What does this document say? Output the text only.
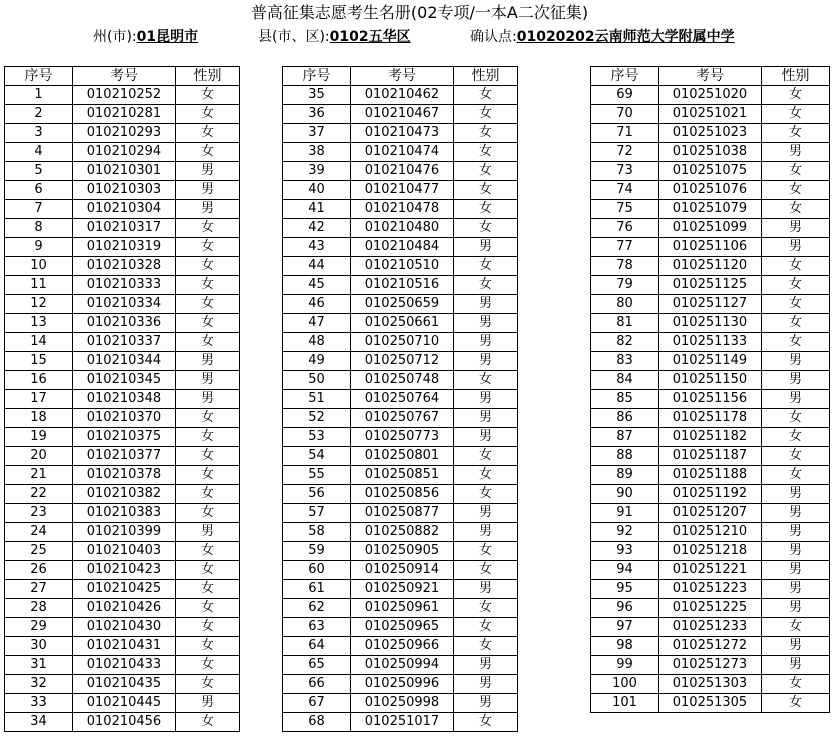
普高征集志愿考生名册(02专项/一本A二次征集)
州(市):01昆明市	县(市、区):0102五华区	确认点:01020202云南师范大学附属中学
序号	考号	性别
1	010210252	女
2	010210281	女
3	010210293	女
4	010210294	女
5	010210301	男
6	010210303	男
7	010210304	男
8	010210317	女
9	010210319	女
10	010210328	女
11	010210333	女
12	010210334	女
13	010210336	女
14	010210337	女
15	010210344	男
16	010210345	男
17	010210348	男
18	010210370	女
19	010210375	女
20	010210377	女
21	010210378	女
22	010210382	女
23	010210383	女
24	010210399	男
25	010210403	女
26	010210423	女
27	010210425	女
28	010210426	女
29	010210430	女
30	010210431	女
31	010210433	女
32	010210435	女
33	010210445	男
34	010210456	女
序号	考号	性别
35	010210462	女
36	010210467	女
37	010210473	女
38	010210474	女
39	010210476	女
40	010210477	女
41	010210478	女
42	010210480	女
43	010210484	男
44	010210510	女
45	010210516	女
46	010250659	男
47	010250661	男
48	010250710	男
49	010250712	男
50	010250748	女
51	010250764	男
52	010250767	男
53	010250773	男
54	010250801	女
55	010250851	女
56	010250856	女
57	010250877	男
58	010250882	男
59	010250905	女
60	010250914	女
61	010250921	男
62	010250961	女
63	010250965	女
64	010250966	女
65	010250994	男
66	010250996	男
67	010250998	男
68	010251017	女
序号	考号	性别
69	010251020	女
70	010251021	女
71	010251023	女
72	010251038	男
73	010251075	女
74	010251076	女
75	010251079	女
76	010251099	男
77	010251106	男
78	010251120	女
79	010251125	女
80	010251127	女
81	010251130	女
82	010251133	女
83	010251149	男
84	010251150	男
85	010251156	男
86	010251178	女
87	010251182	女
88	010251187	女
89	010251188	女
90	010251192	男
91	010251207	男
92	010251210	男
93	010251218	男
94	010251221	男
95	010251223	男
96	010251225	男
97	010251233	女
98	010251272	男
99	010251273	男
100	010251303	女
101	010251305	女
